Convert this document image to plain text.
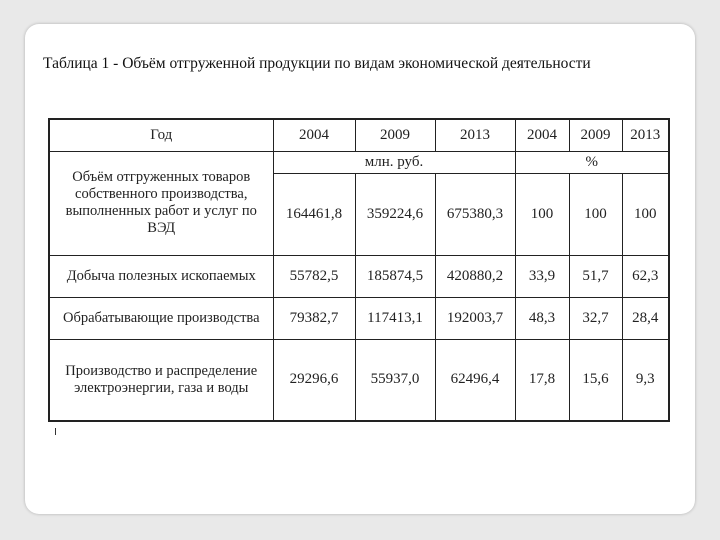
Таблица 1 - Объём отгруженной продукции по видам экономической деятельности
Год	2004	2009	2013	2004	2009	2013
Объём отгруженных товаров собственного производства, выполненных работ и услуг по ВЭД	млн. руб.			%		
	164461,8	359224,6	675380,3	100	100	100
Добыча полезных ископаемых	55782,5	185874,5	420880,2	33,9	51,7	62,3
Обрабатывающие производства	79382,7	117413,1	192003,7	48,3	32,7	28,4
Производство и распределение электроэнергии, газа и воды	29296,6	55937,0	62496,4	17,8	15,6	9,3
